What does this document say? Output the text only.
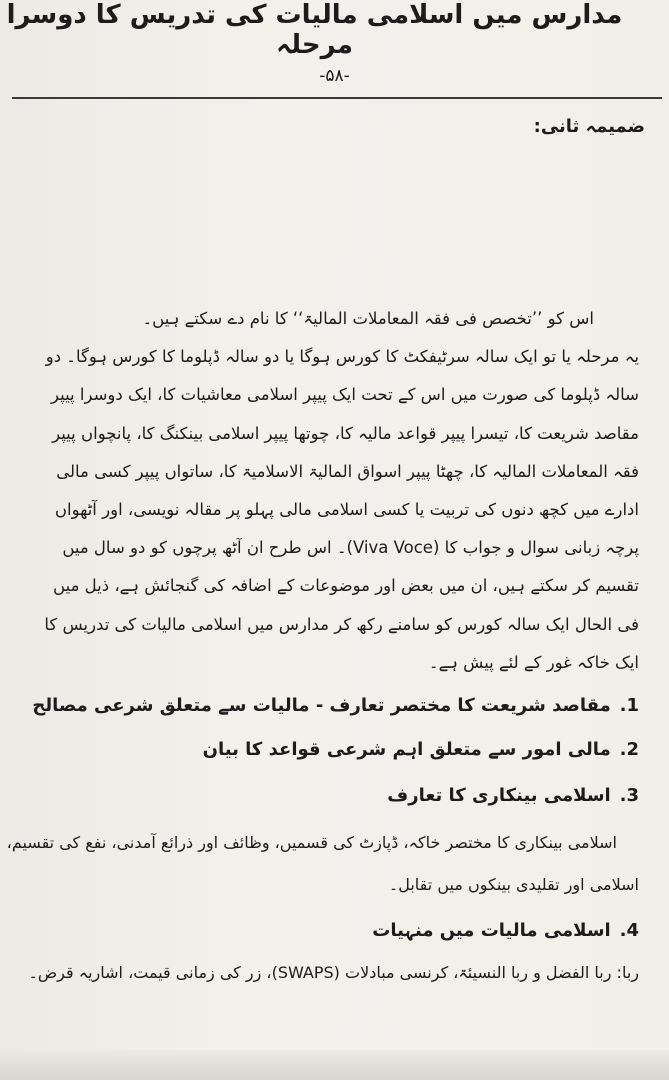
-۵۸-
ضمیمہ ثانی:
مدارس میں اسلامی مالیات کی تدریس کا دوسرا مرحلہ

اس کو ’’تخصص فی فقہ المعاملات المالیۃ‘‘ کا نام دے سکتے ہیں۔

یہ مرحلہ یا تو ایک سالہ سرٹیفکٹ کا کورس ہوگا یا دو سالہ ڈپلوما کا کورس ہوگا۔ دو سالہ ڈپلوما کی صورت میں اس کے تحت ایک پیپر اسلامی معاشیات کا، ایک دوسرا پیپر مقاصد شریعت کا، تیسرا پیپر قواعد مالیہ کا، چوتھا پیپر اسلامی بینکنگ کا، پانچواں پیپر فقہ المعاملات المالیہ کا، چھٹا پیپر اسواق المالیۃ الاسلامیۃ کا، ساتواں پیپر کسی مالی ادارے میں کچھ دنوں کی تربیت یا کسی اسلامی مالی پہلو پر مقالہ نویسی، اور آٹھواں پرچہ زبانی سوال و جواب کا (Viva Voce)۔ اس طرح ان آٹھ پرچوں کو دو سال میں تقسیم کر سکتے ہیں، ان میں بعض اور موضوعات کے اضافہ کی گنجائش ہے، ذیل میں فی الحال ایک سالہ کورس کو سامنے رکھ کر مدارس میں اسلامی مالیات کی تدریس کا ایک خاکہ غور کے لئے پیش ہے۔

1. مقاصد شریعت کا مختصر تعارف - مالیات سے متعلق شرعی مصالح
2. مالی امور سے متعلق اہم شرعی قواعد کا بیان
3. اسلامی بینکاری کا تعارف
اسلامی بینکاری کا مختصر خاکہ، ڈپازٹ کی قسمیں، وظائف اور ذرائع آمدنی، نفع کی تقسیم،
اسلامی اور تقلیدی بینکوں میں تقابل۔
4. اسلامی مالیات میں منہیات
ربا: ربا الفضل و ربا النسیئۃ، کرنسی مبادلات (SWAPS)، زر کی زمانی قیمت، اشاریہ قرض۔
